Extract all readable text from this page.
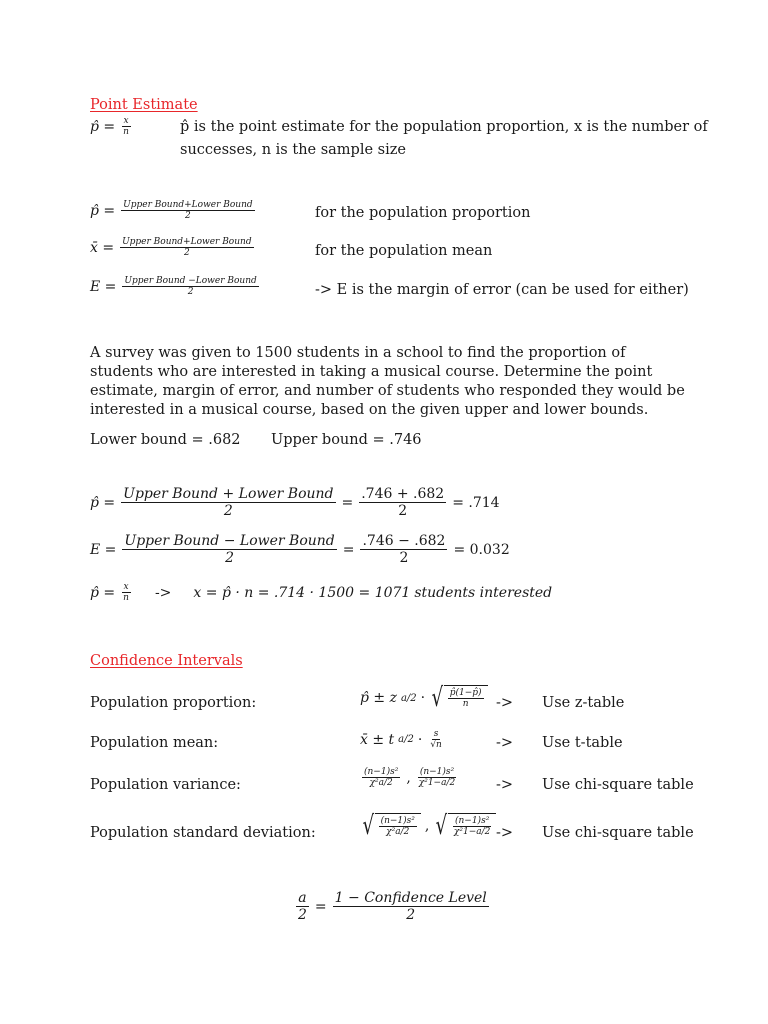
Point Estimate
p̂ = $\frac{x}{n}$	p̂ is the point estimate for the population proportion, x is the number of
successes, n is the sample size
p̂ = $\frac{\text{Upper Bound+Lower Bound}}{2}$	for the population proportion
x̄ = $\frac{\text{Upper Bound+Lower Bound}}{2}$	for the population mean
$E = \frac{\text{Upper Bound −Lower Bound}}{2}$	-> E is the margin of error (can be used for either)
A survey was given to 1500 students in a school to find the proportion of students who are interested in taking a musical course. Determine the point estimate, margin of error, and number of students who responded they would be interested in a musical course, based on the given upper and lower bounds.
Lower bound = .682 Upper bound = .746
p̂ = $\frac{\text{Upper Bound + Lower Bound}}{2} = \frac{.746 + .682}{2} = .714$
$E = \frac{\text{Upper Bound − Lower Bound}}{2} = \frac{.746 - .682}{2} = 0.032$
p̂ = $\frac{x}{n} -> x$ = p̂ · n = .714 · 1500 = 1071 students interested
Confidence Intervals
Population proportion:	p̂ ± z a/2 · √ $\frac{p̂(1-p̂)}{n}$ -> Use z-table
Population mean:	x̄ ± t $a/2 \cdot \frac{s}{√n}$	-> Use t-table
Population variance:	$\frac{\text{(n−1)s²}}{\text{χ²a/2}}$ , $\frac{\text{(n−1)s²}}{\text{χ²1−a/2}}$	-> Use chi-square table
Population standard deviation: √ $\frac{\text{(n−1)s²}}{\text{χ²a/2}}$ , √ $\frac{\text{(n−1)s²}}{\text{χ²1−a/2}}$ -> Use chi-square table
$\frac{a}{2} = \frac{\text{1 − Confidence Level}}{2}$
